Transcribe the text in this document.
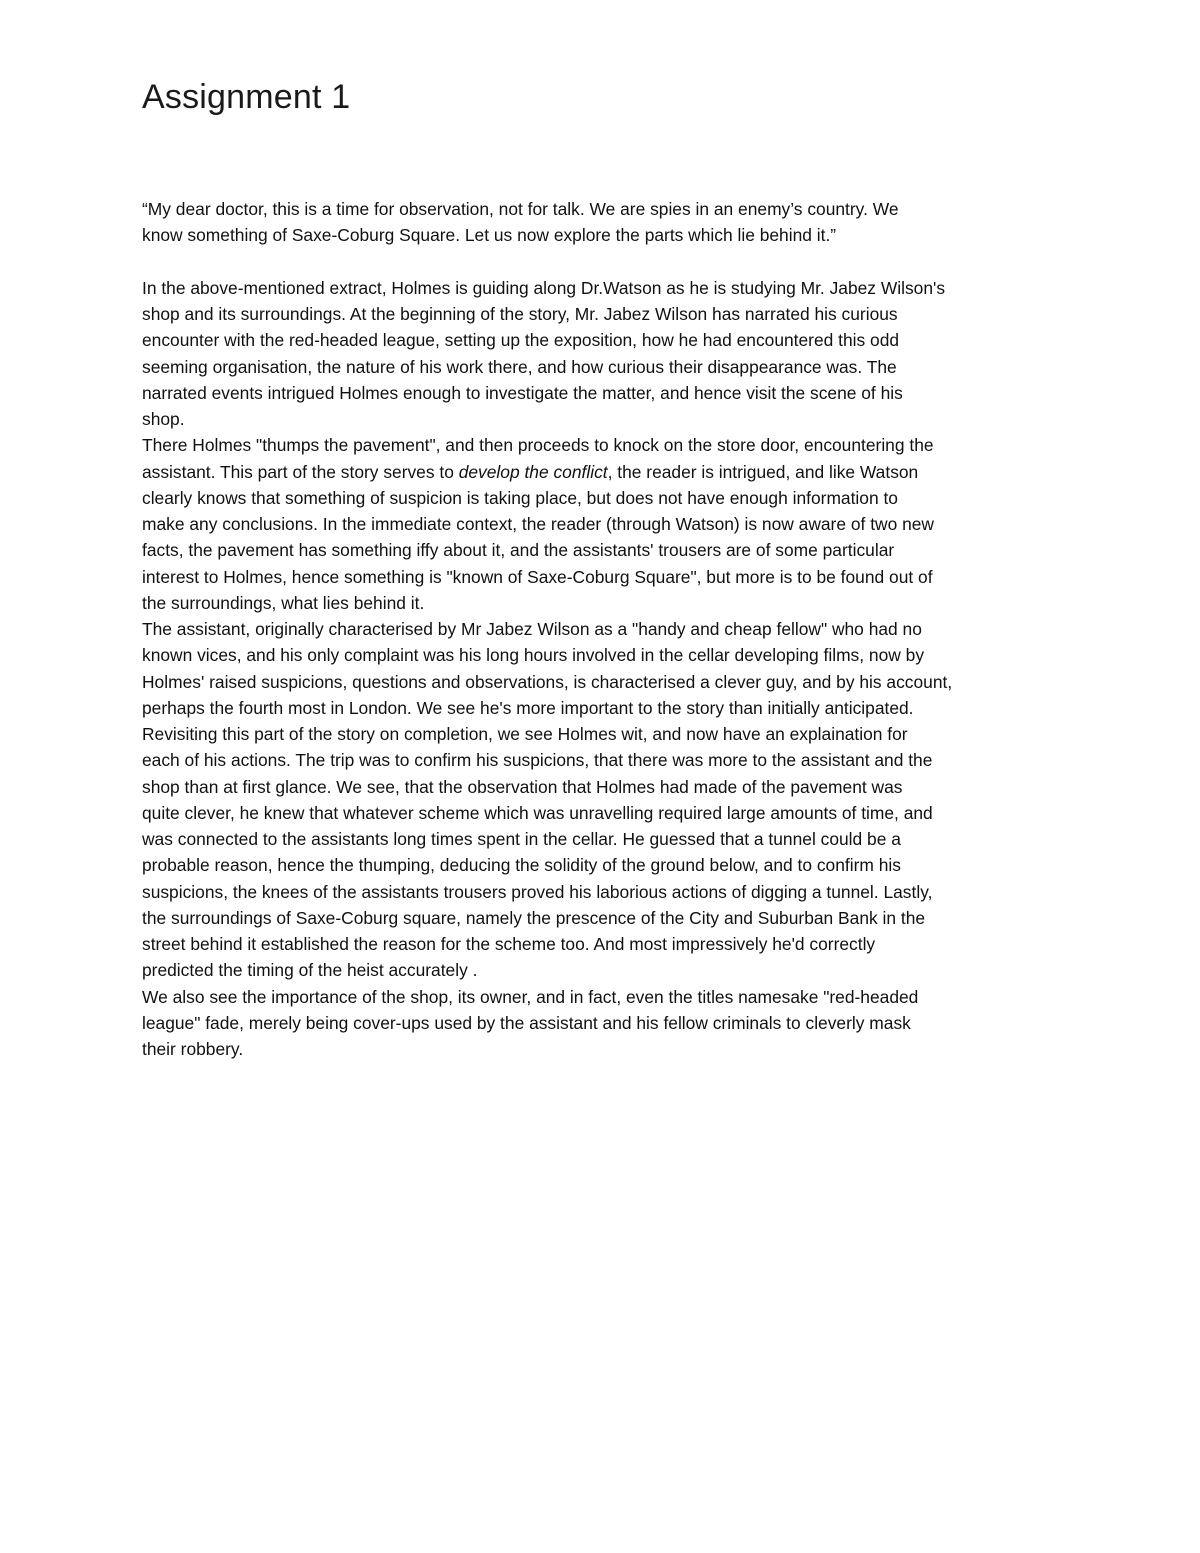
Assignment 1
“My dear doctor, this is a time for observation, not for talk. We are spies in an enemy’s country. We
know something of Saxe-Coburg Square. Let us now explore the parts which lie behind it.”
In the above-mentioned extract, Holmes is guiding along Dr.Watson as he is studying Mr. Jabez Wilson's
shop and its surroundings. At the beginning of the story, Mr. Jabez Wilson has narrated his curious
encounter with the red-headed league, setting up the exposition, how he had encountered this odd
seeming organisation, the nature of his work there, and how curious their disappearance was. The
narrated events intrigued Holmes enough to investigate the matter, and hence visit the scene of his
shop.
There Holmes "thumps the pavement", and then proceeds to knock on the store door, encountering the
assistant. This part of the story serves to develop the conflict, the reader is intrigued, and like Watson
clearly knows that something of suspicion is taking place, but does not have enough information to
make any conclusions. In the immediate context, the reader (through Watson) is now aware of two new
facts, the pavement has something iffy about it, and the assistants' trousers are of some particular
interest to Holmes, hence something is "known of Saxe-Coburg Square", but more is to be found out of
the surroundings, what lies behind it.
The assistant, originally characterised by Mr Jabez Wilson as a "handy and cheap fellow" who had no
known vices, and his only complaint was his long hours involved in the cellar developing films, now by
Holmes' raised suspicions, questions and observations, is characterised a clever guy, and by his account,
perhaps the fourth most in London. We see he's more important to the story than initially anticipated.
Revisiting this part of the story on completion, we see Holmes wit, and now have an explaination for
each of his actions. The trip was to confirm his suspicions, that there was more to the assistant and the
shop than at first glance. We see, that the observation that Holmes had made of the pavement was
quite clever, he knew that whatever scheme which was unravelling required large amounts of time, and
was connected to the assistants long times spent in the cellar. He guessed that a tunnel could be a
probable reason, hence the thumping, deducing the solidity of the ground below, and to confirm his
suspicions, the knees of the assistants trousers proved his laborious actions of digging a tunnel. Lastly,
the surroundings of Saxe-Coburg square, namely the prescence of the City and Suburban Bank in the
street behind it established the reason for the scheme too. And most impressively he'd correctly
predicted the timing of the heist accurately .
We also see the importance of the shop, its owner, and in fact, even the titles namesake "red-headed
league" fade, merely being cover-ups used by the assistant and his fellow criminals to cleverly mask
their robbery.
